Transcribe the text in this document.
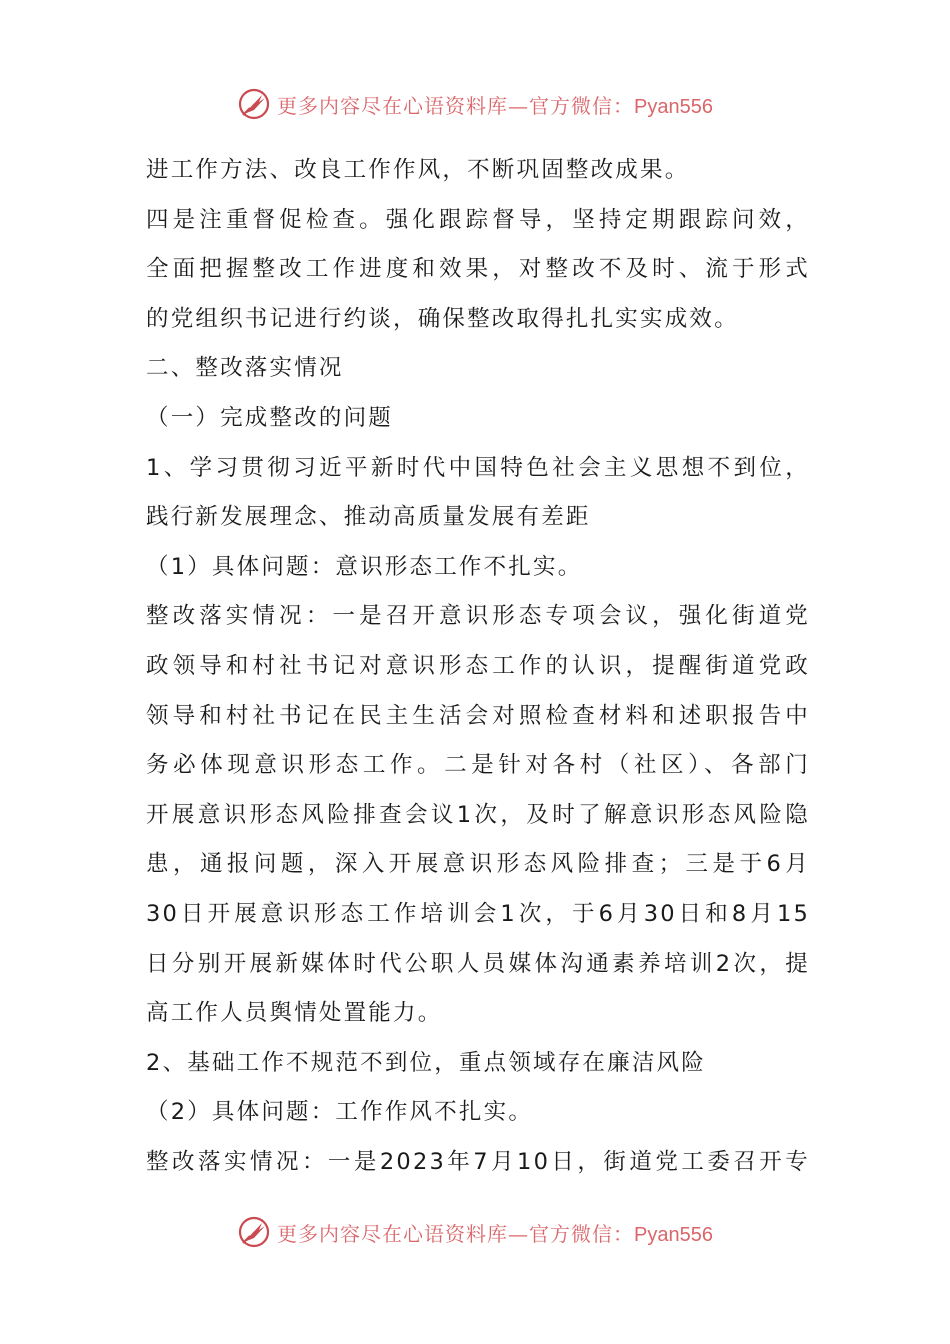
更多内容尽在心语资料库—官方微信：Pyan556
进工作方法、改良工作作风，不断巩固整改成果。
四是注重督促检查。强化跟踪督导，坚持定期跟踪问效，
全面把握整改工作进度和效果，对整改不及时、流于形式
的党组织书记进行约谈，确保整改取得扎扎实实成效。
二、整改落实情况
（一）完成整改的问题
1、学习贯彻习近平新时代中国特色社会主义思想不到位，
践行新发展理念、推动高质量发展有差距
（1）具体问题：意识形态工作不扎实。
整改落实情况：一是召开意识形态专项会议，强化街道党
政领导和村社书记对意识形态工作的认识，提醒街道党政
领导和村社书记在民主生活会对照检查材料和述职报告中
务必体现意识形态工作。二是针对各村（社区）、各部门
开展意识形态风险排查会议1次，及时了解意识形态风险隐
患，通报问题，深入开展意识形态风险排查；三是于6月
30日开展意识形态工作培训会1次，于6月30日和8月15
日分别开展新媒体时代公职人员媒体沟通素养培训2次，提
高工作人员舆情处置能力。
2、基础工作不规范不到位，重点领域存在廉洁风险
（2）具体问题：工作作风不扎实。
整改落实情况：一是2023年7月10日，街道党工委召开专
更多内容尽在心语资料库—官方微信：Pyan556
